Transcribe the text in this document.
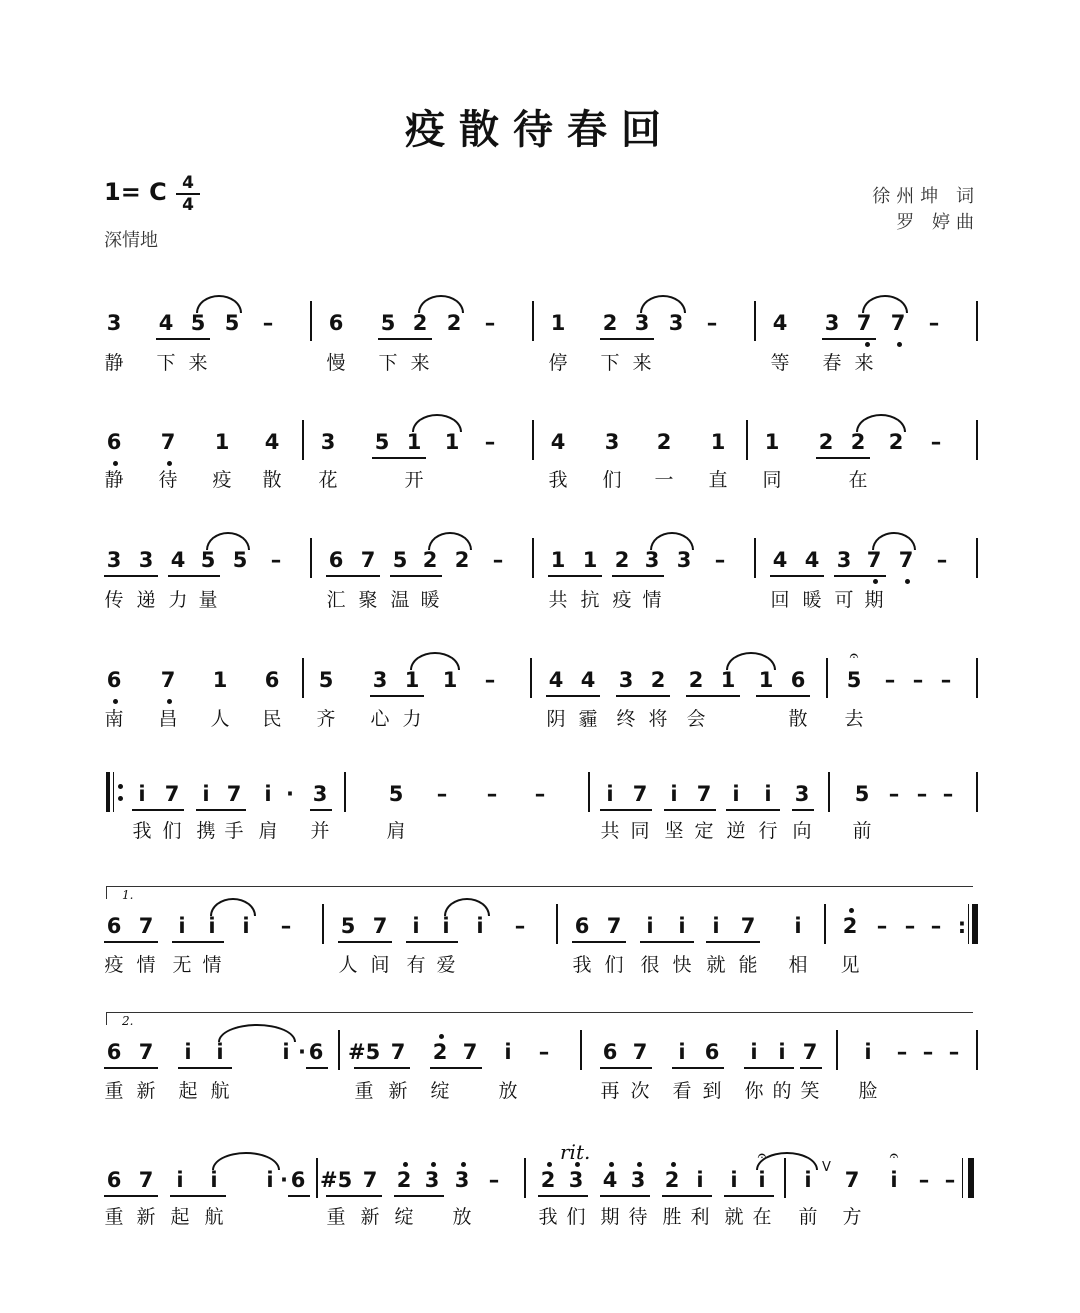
疫散待春回
1= C 4
4
深情地
徐州坤 词
罗 婷曲
3 4 5 5 –	6 5 2 2 –	1 2 3 3 –	4 3 7 7 –
静 下 来	慢 下 来	停 下 来	等 春 来
6 7 1 4 3 5 1 1 –	4 3 2 1 1 2 2 2 –
静 待 疫 散 花	开	我 们 一 直 同	在
3 3 4 5 5 – 6 7 5 2 2 – 1 1 2 3 3 – 4 4 3 7 7 –
传 递 力 量	汇 聚 温 暖	共 抗 疫 情	回 暖 可 期
6 7 1 6 5 3 1 1 –	4 4 3 2 2 1 1 6 5 – – –
南 昌 人 民 齐 心 力	阴 霾 终 将 会	散 去
i 7	i 7	i · 3	5 – – –	i 7	i 7	i	i	3 5 – – –
我 们 携 手 肩 并	肩	共 同 坚 定 逆 行 向 前
6 7	i	i	i	– 5 7	i	i	i	– 6 7	i	i	i	7	i	2 – – – :
疫 情 无 情	人 间 有 爱	我 们 很 快 就 能 相 见
6 7	i	i	i · 6 #5 7 2 7	i	–	6 7	i 6	i i 7	i	– – –
重 新 起 航	重 新 绽	放	再 次 看 到 你 的 笑 脸
6 7	i	i	i · 6 #5 7 2 3 3 – 2 3 4 3 2 i	i i	i	7	i	– –
重 新 起 航	重 新 绽 放	我 们 期 待 胜 利 就 在 前 方
1.
2.
𝄐
𝄐	𝄐
rit.
V
